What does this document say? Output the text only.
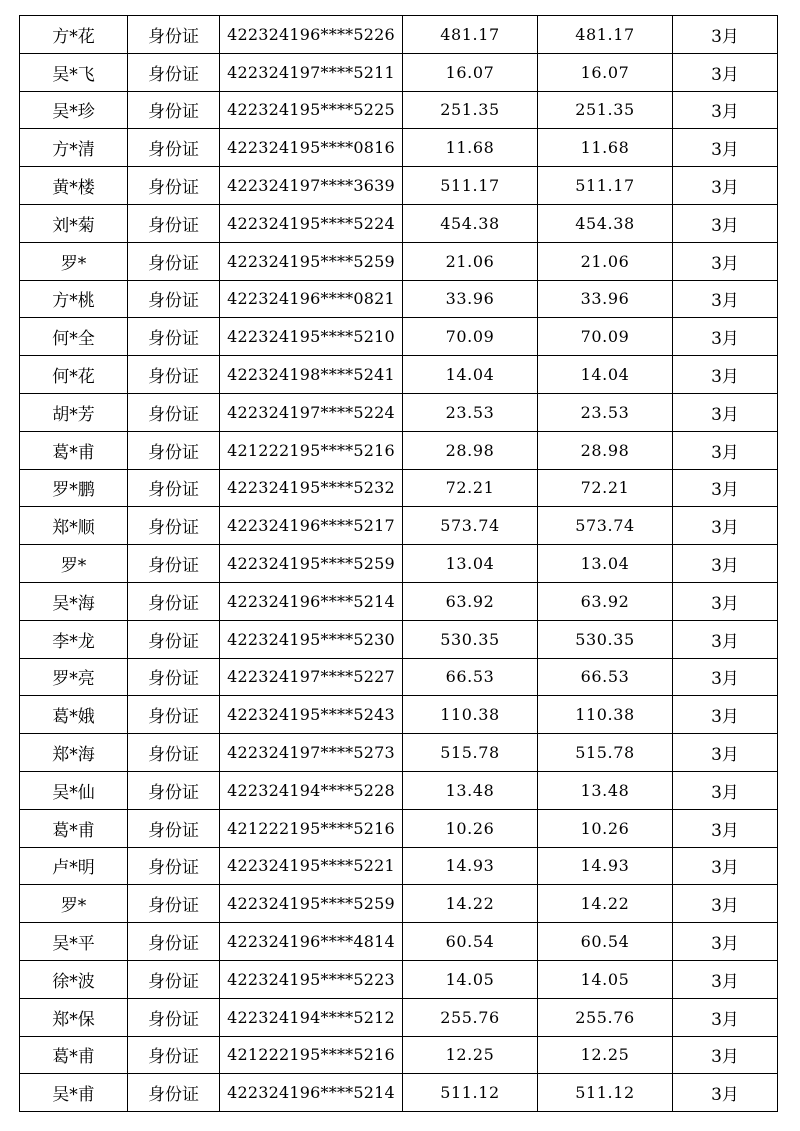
方*花	身份证	422324196****5226	481.17	481.17	3月
吴*飞	身份证	422324197****5211	16.07	16.07	3月
吴*珍	身份证	422324195****5225	251.35	251.35	3月
方*清	身份证	422324195****0816	11.68	11.68	3月
黄*楼	身份证	422324197****3639	511.17	511.17	3月
刘*菊	身份证	422324195****5224	454.38	454.38	3月
罗*	身份证	422324195****5259	21.06	21.06	3月
方*桃	身份证	422324196****0821	33.96	33.96	3月
何*全	身份证	422324195****5210	70.09	70.09	3月
何*花	身份证	422324198****5241	14.04	14.04	3月
胡*芳	身份证	422324197****5224	23.53	23.53	3月
葛*甫	身份证	421222195****5216	28.98	28.98	3月
罗*鹏	身份证	422324195****5232	72.21	72.21	3月
郑*顺	身份证	422324196****5217	573.74	573.74	3月
罗*	身份证	422324195****5259	13.04	13.04	3月
吴*海	身份证	422324196****5214	63.92	63.92	3月
李*龙	身份证	422324195****5230	530.35	530.35	3月
罗*亮	身份证	422324197****5227	66.53	66.53	3月
葛*娥	身份证	422324195****5243	110.38	110.38	3月
郑*海	身份证	422324197****5273	515.78	515.78	3月
吴*仙	身份证	422324194****5228	13.48	13.48	3月
葛*甫	身份证	421222195****5216	10.26	10.26	3月
卢*明	身份证	422324195****5221	14.93	14.93	3月
罗*	身份证	422324195****5259	14.22	14.22	3月
吴*平	身份证	422324196****4814	60.54	60.54	3月
徐*波	身份证	422324195****5223	14.05	14.05	3月
郑*保	身份证	422324194****5212	255.76	255.76	3月
葛*甫	身份证	421222195****5216	12.25	12.25	3月
吴*甫	身份证	422324196****5214	511.12	511.12	3月
